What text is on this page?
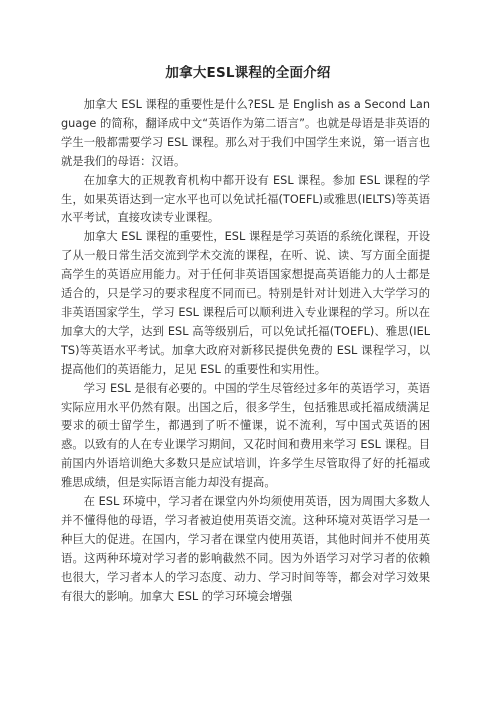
加拿大ESL课程的全面介绍

加拿大 ESL 课程的重要性是什么?ESL 是 English as a Second Language 的简称，翻译成中文“英语作为第二语言”。也就是母语是非英语的学生一般都需要学习 ESL 课程。那么对于我们中国学生来说，第一语言也就是我们的母语：汉语。

在加拿大的正规教育机构中都开设有 ESL 课程。参加 ESL 课程的学生，如果英语达到一定水平也可以免试托福(TOEFL)或雅思(IELTS)等英语水平考试，直接攻读专业课程。

加拿大 ESL 课程的重要性，ESL 课程是学习英语的系统化课程，开设了从一般日常生活交流到学术交流的课程，在听、说、读、写方面全面提高学生的英语应用能力。对于任何非英语国家想提高英语能力的人士都是适合的，只是学习的要求程度不同而已。特别是针对计划进入大学学习的非英语国家学生，学习 ESL 课程后可以顺利进入专业课程的学习。所以在加拿大的大学，达到 ESL 高等级别后，可以免试托福(TOEFL)、雅思(IELTS)等英语水平考试。加拿大政府对新移民提供免费的 ESL 课程学习，以提高他们的英语能力，足见 ESL 的重要性和实用性。

学习 ESL 是很有必要的。中国的学生尽管经过多年的英语学习，英语实际应用水平仍然有限。出国之后，很多学生，包括雅思或托福成绩满足要求的硕士留学生，都遇到了听不懂课，说不流利，写中国式英语的困惑。以致有的人在专业课学习期间，又花时间和费用来学习 ESL 课程。目前国内外语培训绝大多数只是应试培训，许多学生尽管取得了好的托福或雅思成绩，但是实际语言能力却没有提高。

在 ESL 环境中，学习者在课堂内外均须使用英语，因为周围大多数人并不懂得他的母语，学习者被迫使用英语交流。这种环境对英语学习是一种巨大的促进。在国内，学习者在课堂内使用英语，其他时间并不使用英语。这两种环境对学习者的影响截然不同。因为外语学习对学习者的依赖也很大，学习者本人的学习态度、动力、学习时间等等，都会对学习效果有很大的影响。加拿大 ESL 的学习环境会增强
